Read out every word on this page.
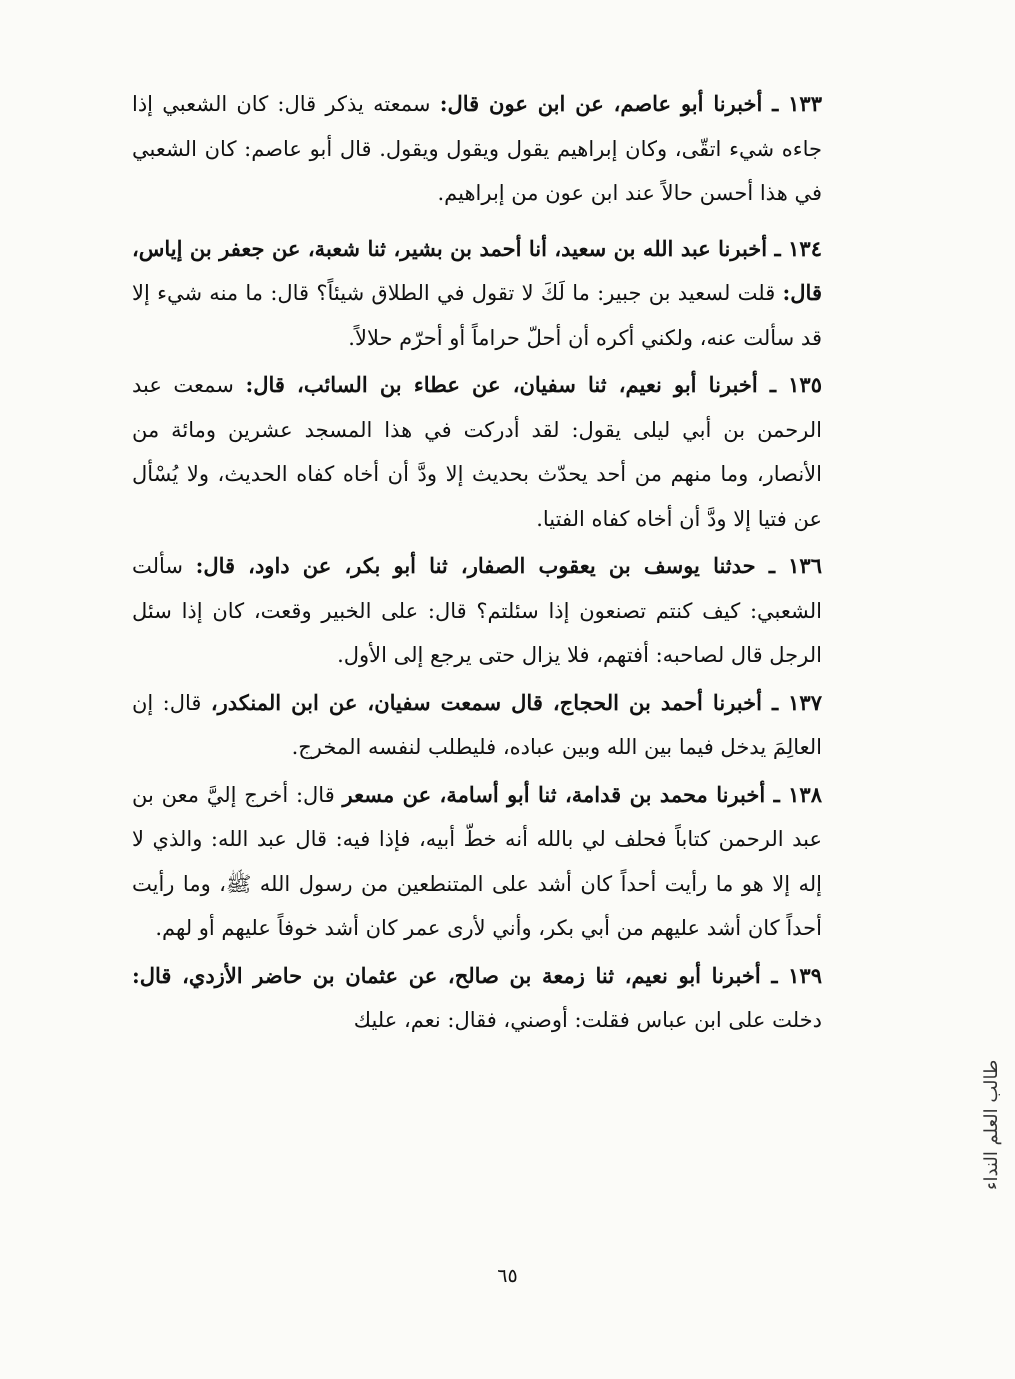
١٣٣ ـ أخبرنا أبو عاصم، عن ابن عون قال: سمعته يذكر قال: كان الشعبي إذا جاءه شيء اتقّى، وكان إبراهيم يقول ويقول ويقول. قال أبو عاصم: كان الشعبي في هذا أحسن حالاً عند ابن عون من إبراهيم.

١٣٤ ـ أخبرنا عبد الله بن سعيد، أنا أحمد بن بشير، ثنا شعبة، عن جعفر بن إياس، قال: قلت لسعيد بن جبير: ما لَكَ لا تقول في الطلاق شيئاً؟ قال: ما منه شيء إلا قد سألت عنه، ولكني أكره أن أحلّ حراماً أو أحرّم حلالاً.

١٣٥ ـ أخبرنا أبو نعيم، ثنا سفيان، عن عطاء بن السائب، قال: سمعت عبد الرحمن بن أبي ليلى يقول: لقد أدركت في هذا المسجد عشرين ومائة من الأنصار، وما منهم من أحد يحدّث بحديث إلا ودَّ أن أخاه كفاه الحديث، ولا يُسْأل عن فتيا إلا ودَّ أن أخاه كفاه الفتيا.

١٣٦ ـ حدثنا يوسف بن يعقوب الصفار، ثنا أبو بكر، عن داود، قال: سألت الشعبي: كيف كنتم تصنعون إذا سئلتم؟ قال: على الخبير وقعت، كان إذا سئل الرجل قال لصاحبه: أفتهم، فلا يزال حتى يرجع إلى الأول.

١٣٧ ـ أخبرنا أحمد بن الحجاج، قال سمعت سفيان، عن ابن المنكدر، قال: إن العالِمَ يدخل فيما بين الله وبين عباده، فليطلب لنفسه المخرج.

١٣٨ ـ أخبرنا محمد بن قدامة، ثنا أبو أسامة، عن مسعر قال: أخرج إليَّ معن بن عبد الرحمن كتاباً فحلف لي بالله أنه خطّ أبيه، فإذا فيه: قال عبد الله: والذي لا إله إلا هو ما رأيت أحداً كان أشد على المتنطعين من رسول الله ﷺ، وما رأيت أحداً كان أشد عليهم من أبي بكر، وأني لأرى عمر كان أشد خوفاً عليهم أو لهم.

١٣٩ ـ أخبرنا أبو نعيم، ثنا زمعة بن صالح، عن عثمان بن حاضر الأزدي، قال: دخلت على ابن عباس فقلت: أوصني، فقال: نعم، عليك

٦٥
ﻃﺎﻟﺐ ﺍﻟﻌﻠﻢ ﺍﻟﻨﺪﺍﺀ
